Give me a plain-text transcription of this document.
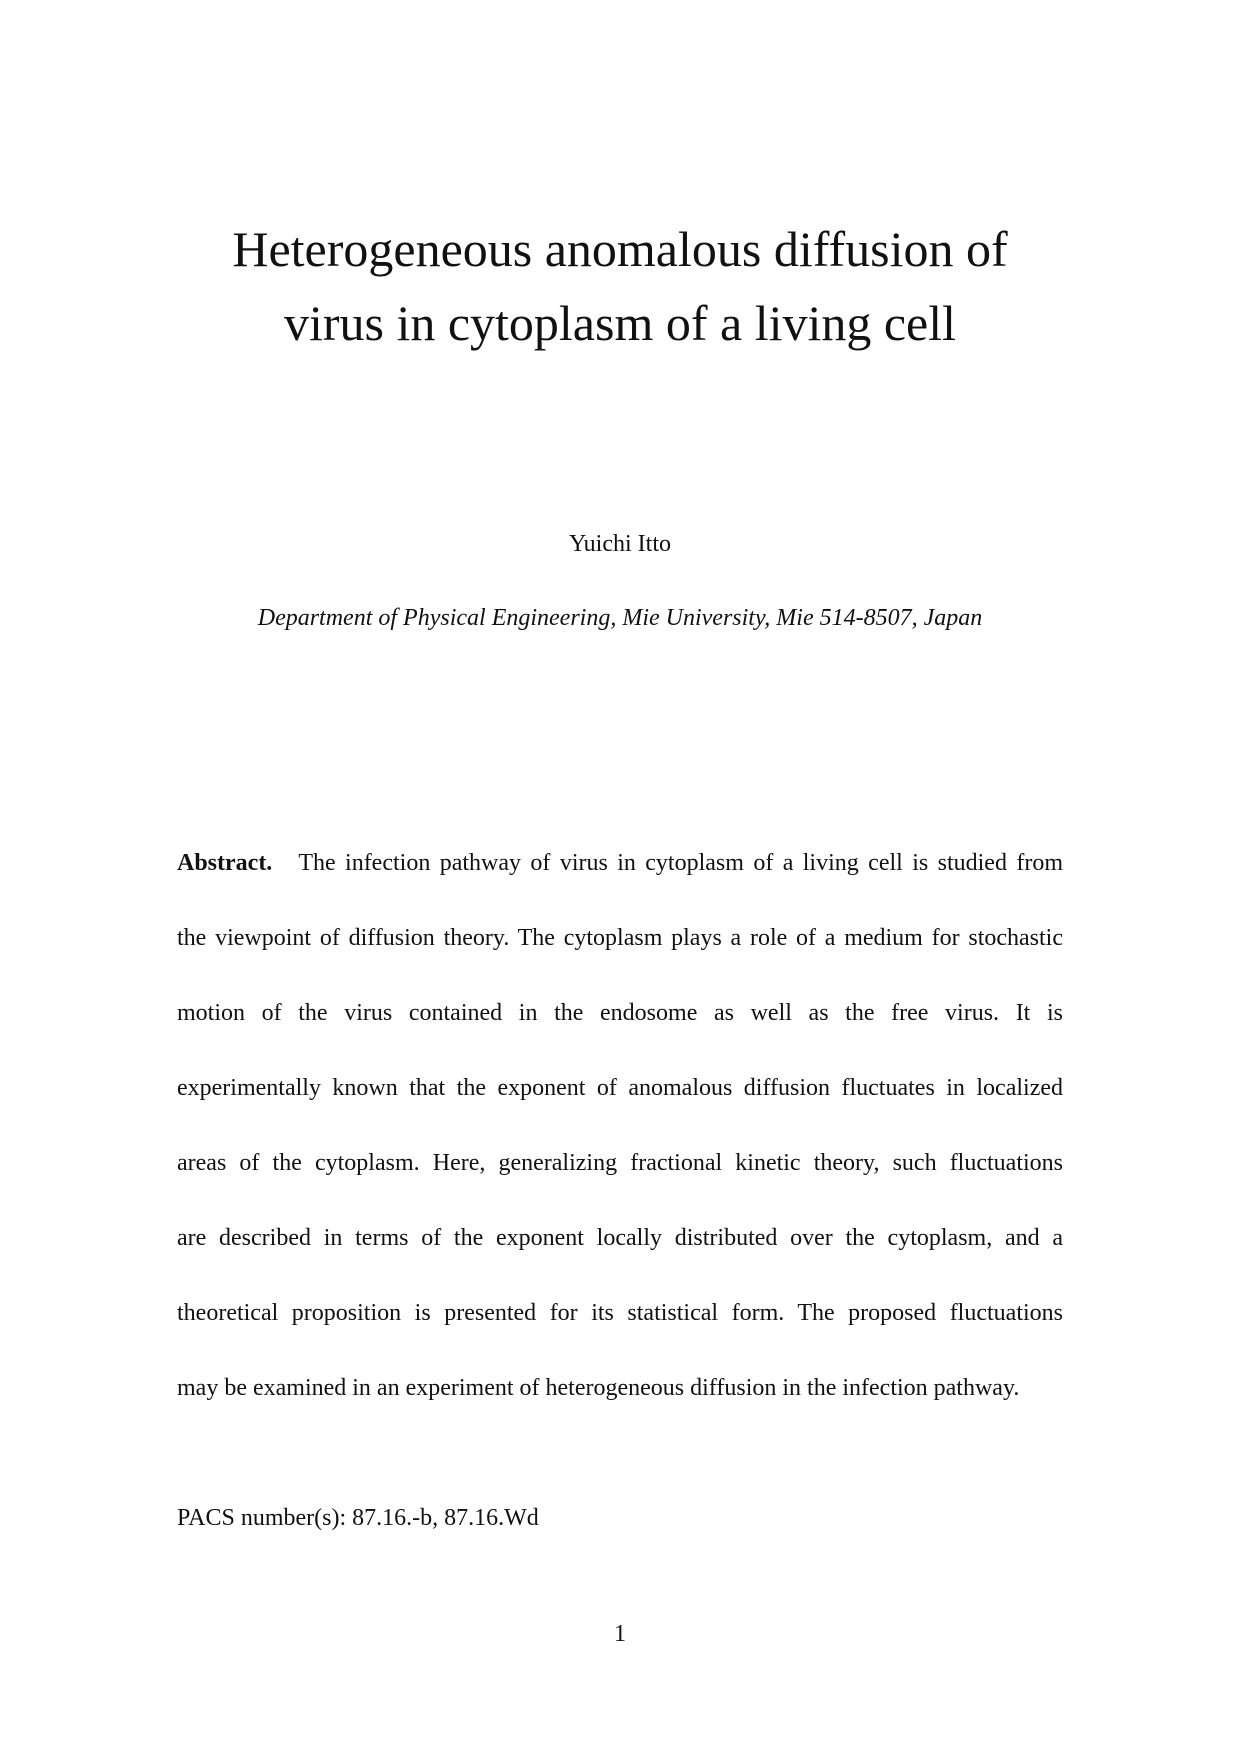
Heterogeneous anomalous diffusion of
virus in cytoplasm of a living cell
Yuichi Itto
Department of Physical Engineering, Mie University, Mie 514-8507, Japan
Abstract. The infection pathway of virus in cytoplasm of a living cell is studied from
the viewpoint of diffusion theory. The cytoplasm plays a role of a medium for stochastic
motion of the virus contained in the endosome as well as the free virus. It is
experimentally known that the exponent of anomalous diffusion fluctuates in localized
areas of the cytoplasm. Here, generalizing fractional kinetic theory, such fluctuations
are described in terms of the exponent locally distributed over the cytoplasm, and a
theoretical proposition is presented for its statistical form. The proposed fluctuations
may be examined in an experiment of heterogeneous diffusion in the infection pathway.
PACS number(s): 87.16.-b, 87.16.Wd
1
